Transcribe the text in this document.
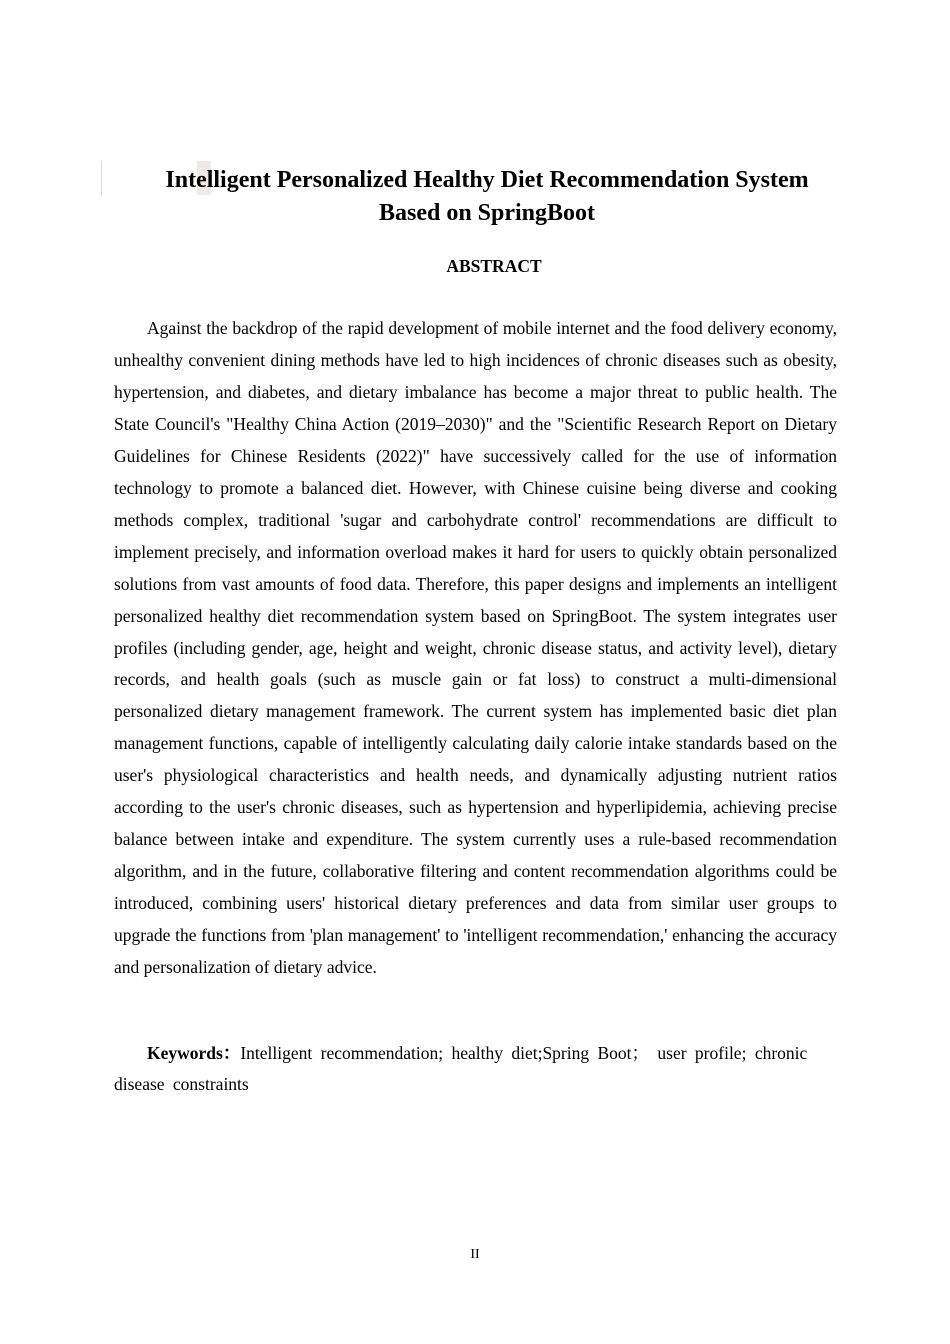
Intelligent Personalized Healthy Diet Recommendation System Based on SpringBoot
ABSTRACT

Against the backdrop of the rapid development of mobile internet and the food delivery economy, unhealthy convenient dining methods have led to high incidences of chronic diseases such as obesity, hypertension, and diabetes, and dietary imbalance has become a major threat to public health. The State Council's "Healthy China Action (2019–2030)" and the "Scientific Research Report on Dietary Guidelines for Chinese Residents (2022)" have successively called for the use of information technology to promote a balanced diet. However, with Chinese cuisine being diverse and cooking methods complex, traditional 'sugar and carbohydrate control' recommendations are difficult to implement precisely, and information overload makes it hard for users to quickly obtain personalized solutions from vast amounts of food data. Therefore, this paper designs and implements an intelligent personalized healthy diet recommendation system based on SpringBoot. The system integrates user profiles (including gender, age, height and weight, chronic disease status, and activity level), dietary records, and health goals (such as muscle gain or fat loss) to construct a multi-dimensional personalized dietary management framework. The current system has implemented basic diet plan management functions, capable of intelligently calculating daily calorie intake standards based on the user's physiological characteristics and health needs, and dynamically adjusting nutrient ratios according to the user's chronic diseases, such as hypertension and hyperlipidemia, achieving precise balance between intake and expenditure. The system currently uses a rule-based recommendation algorithm, and in the future, collaborative filtering and content recommendation algorithms could be introduced, combining users' historical dietary preferences and data from similar user groups to upgrade the functions from 'plan management' to 'intelligent recommendation,' enhancing the accuracy and personalization of dietary advice.

Keywords：Intelligent recommendation; healthy diet;Spring Boot； user profile; chronic disease constraints

II
